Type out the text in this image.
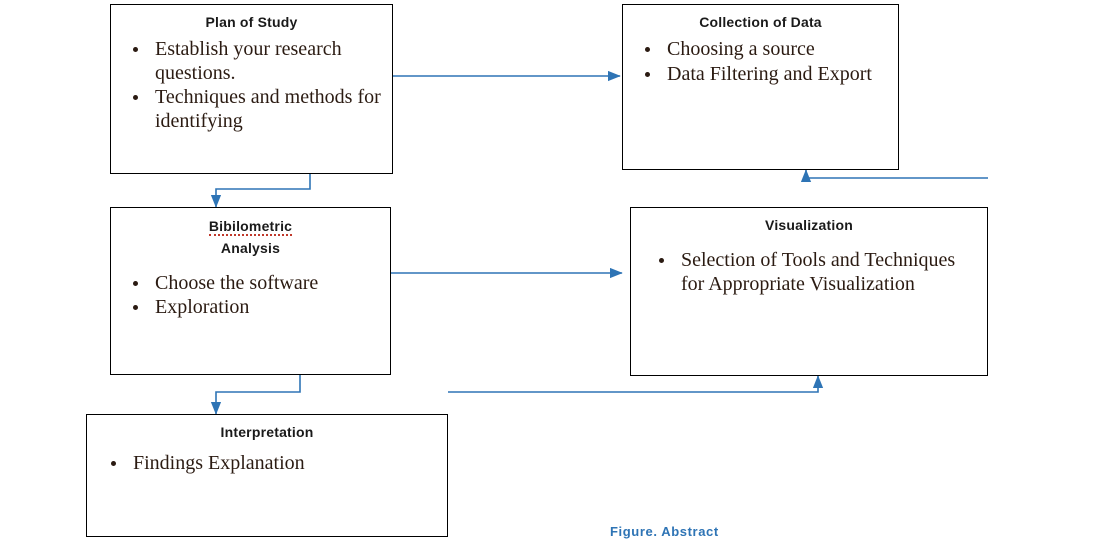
Plan of Study
Establish your research questions.
Techniques and methods for identifying
Collection of Data
Choosing a source
Data Filtering and Export
Bibilometric
Analysis
Choose the software
Exploration
Visualization
Selection of Tools and Techniques for Appropriate Visualization
Interpretation
Findings Explanation
Figure. Abstract
